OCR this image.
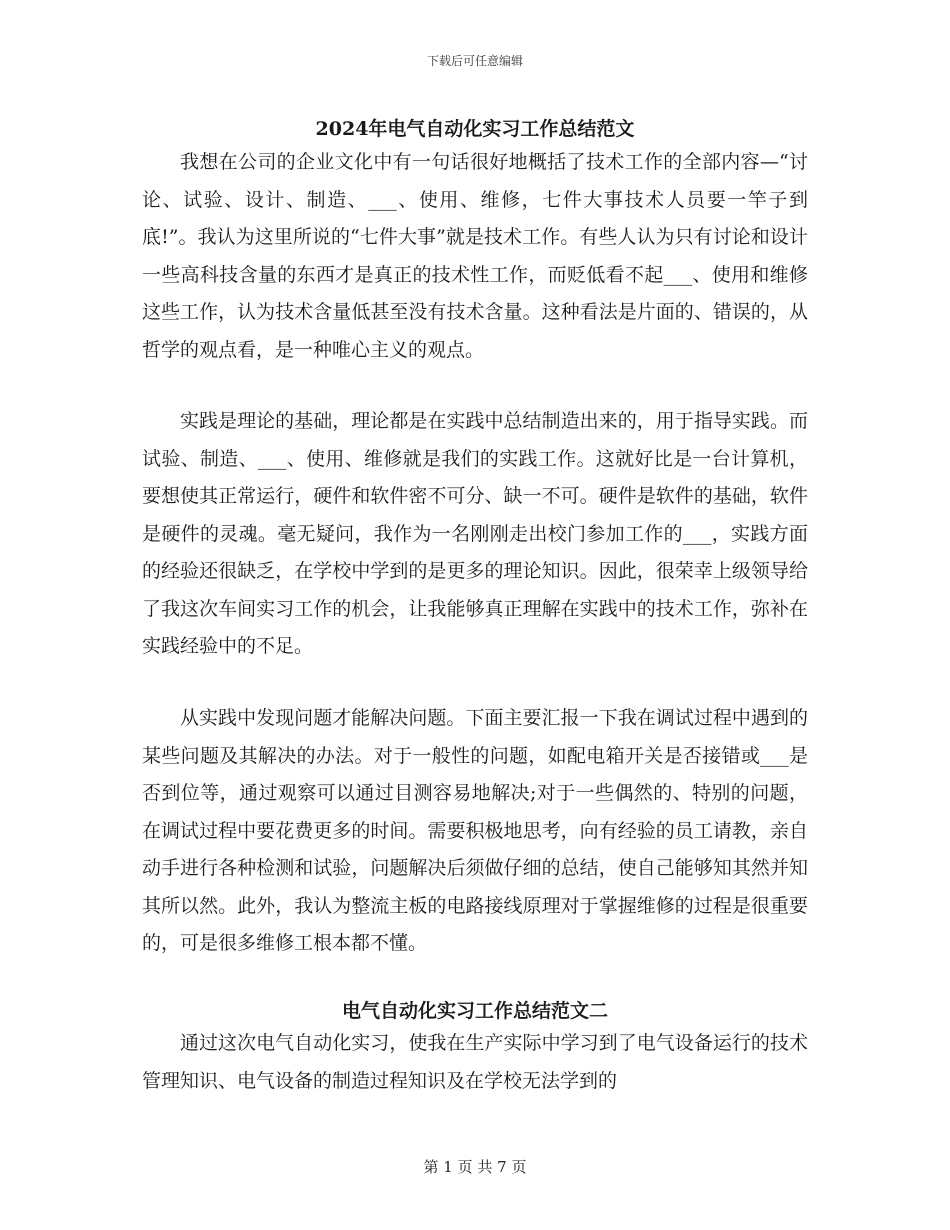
下载后可任意编辑
2024年电气自动化实习工作总结范文

我想在公司的企业文化中有一句话很好地概括了技术工作的全部内容—“讨论、试验、设计、制造、___、使用、维修，七件大事技术人员要一竿子到底!”。我认为这里所说的“七件大事”就是技术工作。有些人认为只有讨论和设计一些高科技含量的东西才是真正的技术性工作，而贬低看不起___、使用和维修这些工作，认为技术含量低甚至没有技术含量。这种看法是片面的、错误的，从哲学的观点看，是一种唯心主义的观点。

实践是理论的基础，理论都是在实践中总结制造出来的，用于指导实践。而试验、制造、___、使用、维修就是我们的实践工作。这就好比是一台计算机，要想使其正常运行，硬件和软件密不可分、缺一不可。硬件是软件的基础，软件是硬件的灵魂。毫无疑问，我作为一名刚刚走出校门参加工作的___，实践方面的经验还很缺乏，在学校中学到的是更多的理论知识。因此，很荣幸上级领导给了我这次车间实习工作的机会，让我能够真正理解在实践中的技术工作，弥补在实践经验中的不足。

从实践中发现问题才能解决问题。下面主要汇报一下我在调试过程中遇到的某些问题及其解决的办法。对于一般性的问题，如配电箱开关是否接错或___是否到位等，通过观察可以通过目测容易地解决;对于一些偶然的、特别的问题，在调试过程中要花费更多的时间。需要积极地思考，向有经验的员工请教，亲自动手进行各种检测和试验，问题解决后须做仔细的总结，使自己能够知其然并知其所以然。此外，我认为整流主板的电路接线原理对于掌握维修的过程是很重要的，可是很多维修工根本都不懂。

电气自动化实习工作总结范文二

通过这次电气自动化实习，使我在生产实际中学习到了电气设备运行的技术管理知识、电气设备的制造过程知识及在学校无法学到的

第 1 页 共 7 页
